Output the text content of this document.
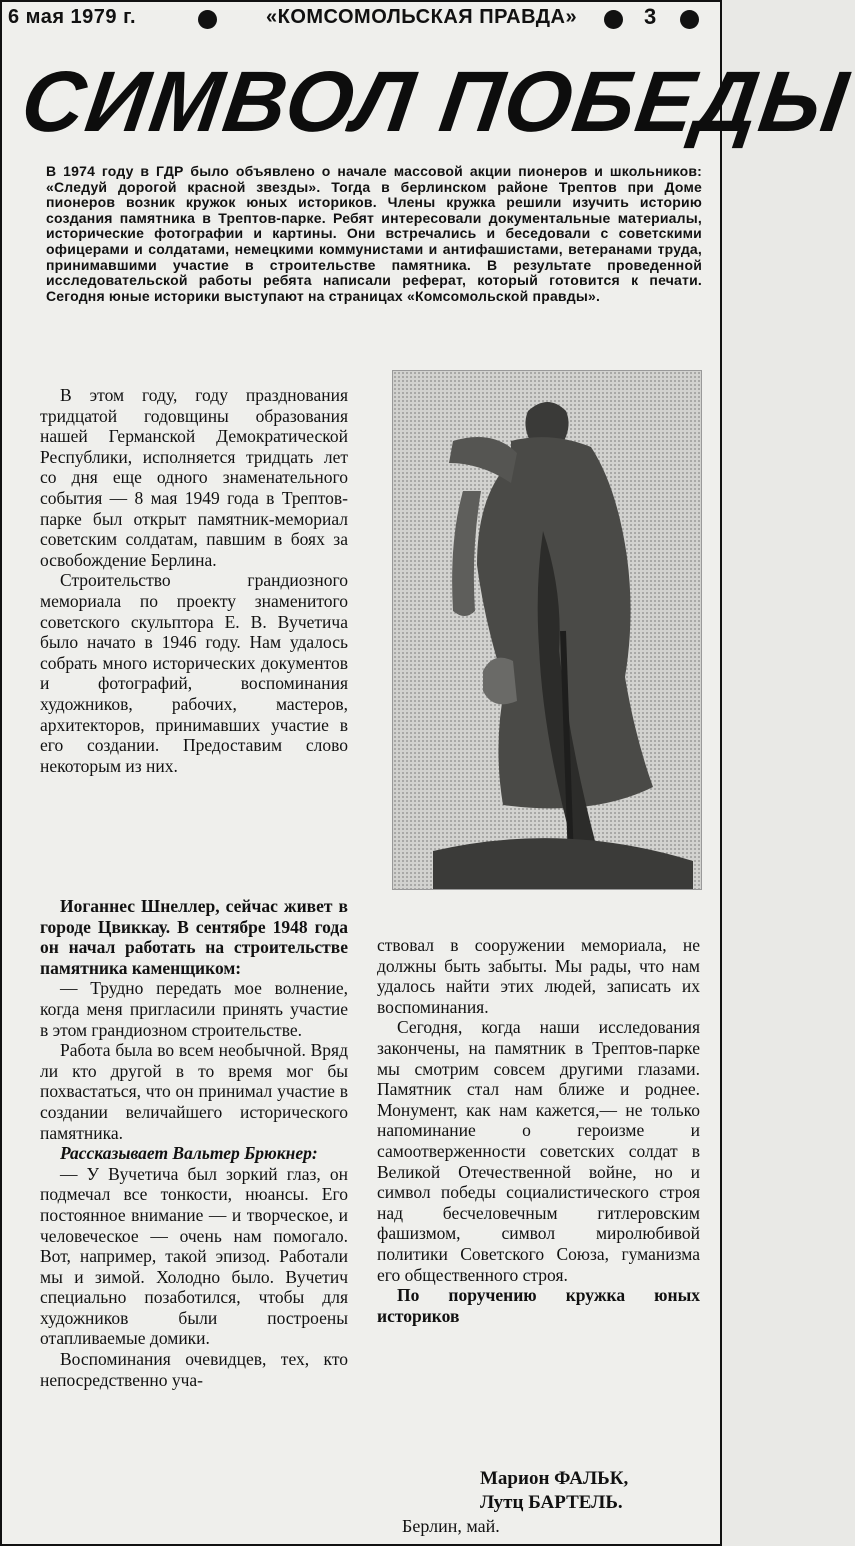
6 мая 1979 г.	«КОМСОМОЛЬСКАЯ ПРАВДА»	3
СИМВОЛ ПОБЕДЫ
В 1974 году в ГДР было объявлено о начале массовой акции пионеров и школьников: «Следуй дорогой красной звезды». Тогда в берлинском районе Трептов при Доме пионеров возник кружок юных историков. Члены кружка решили изучить историю создания памятника в Трептов-парке. Ребят интересовали документальные материалы, исторические фотографии и картины. Они встречались и беседовали с советскими офицерами и солдатами, немецкими коммунистами и антифашистами, ветеранами труда, принимавшими участие в строительстве памятника. В результате проведенной исследовательской работы ребята написали реферат, который готовится к печати. Сегодня юные историки выступают на страницах «Комсомольской правды».

В этом году, году празднования тридцатой годовщины образования нашей Германской Демократической Республики, исполняется тридцать лет со дня еще одного знаменательного события — 8 мая 1949 года в Трептов-парке был открыт памятник-мемориал советским солдатам, павшим в боях за освобождение Берлина.

Строительство грандиозного мемориала по проекту знаменитого советского скульптора Е. В. Вучетича было начато в 1946 году. Нам удалось собрать много исторических документов и фотографий, воспоминания художников, рабочих, мастеров, архитекторов, принимавших участие в его создании. Предоставим слово некоторым из них.

Иоганнес Шнеллер, сейчас живет в городе Цвиккау. В сентябре 1948 года он начал работать на строительстве памятника каменщиком:

— Трудно передать мое волнение, когда меня пригласили принять участие в этом грандиозном строительстве.

Работа была во всем необычной. Вряд ли кто другой в то время мог бы похвастаться, что он принимал участие в создании величайшего исторического памятника.

Рассказывает Вальтер Брюкнер:

— У Вучетича был зоркий глаз, он подмечал все тонкости, нюансы. Его постоянное внимание — и творческое, и человеческое — очень нам помогало. Вот, например, такой эпизод. Работали мы и зимой. Холодно было. Вучетич специально позаботился, чтобы для художников были построены отапливаемые домики.

Воспоминания очевидцев, тех, кто непосредственно уча-

ствовал в сооружении мемориала, не должны быть забыты. Мы рады, что нам удалось найти этих людей, записать их воспоминания.

Сегодня, когда наши исследования закончены, на памятник в Трептов-парке мы смотрим совсем другими глазами. Памятник стал нам ближе и роднее. Монумент, как нам кажется,— не только напоминание о героизме и самоотверженности советских солдат в Великой Отечественной войне, но и символ победы социалистического строя над бесчеловечным гитлеровским фашизмом, символ миролюбивой политики Советского Союза, гуманизма его общественного строя.

По поручению кружка юных историков

Марион ФАЛЬК,
Лутц БАРТЕЛЬ.
Берлин, май.
